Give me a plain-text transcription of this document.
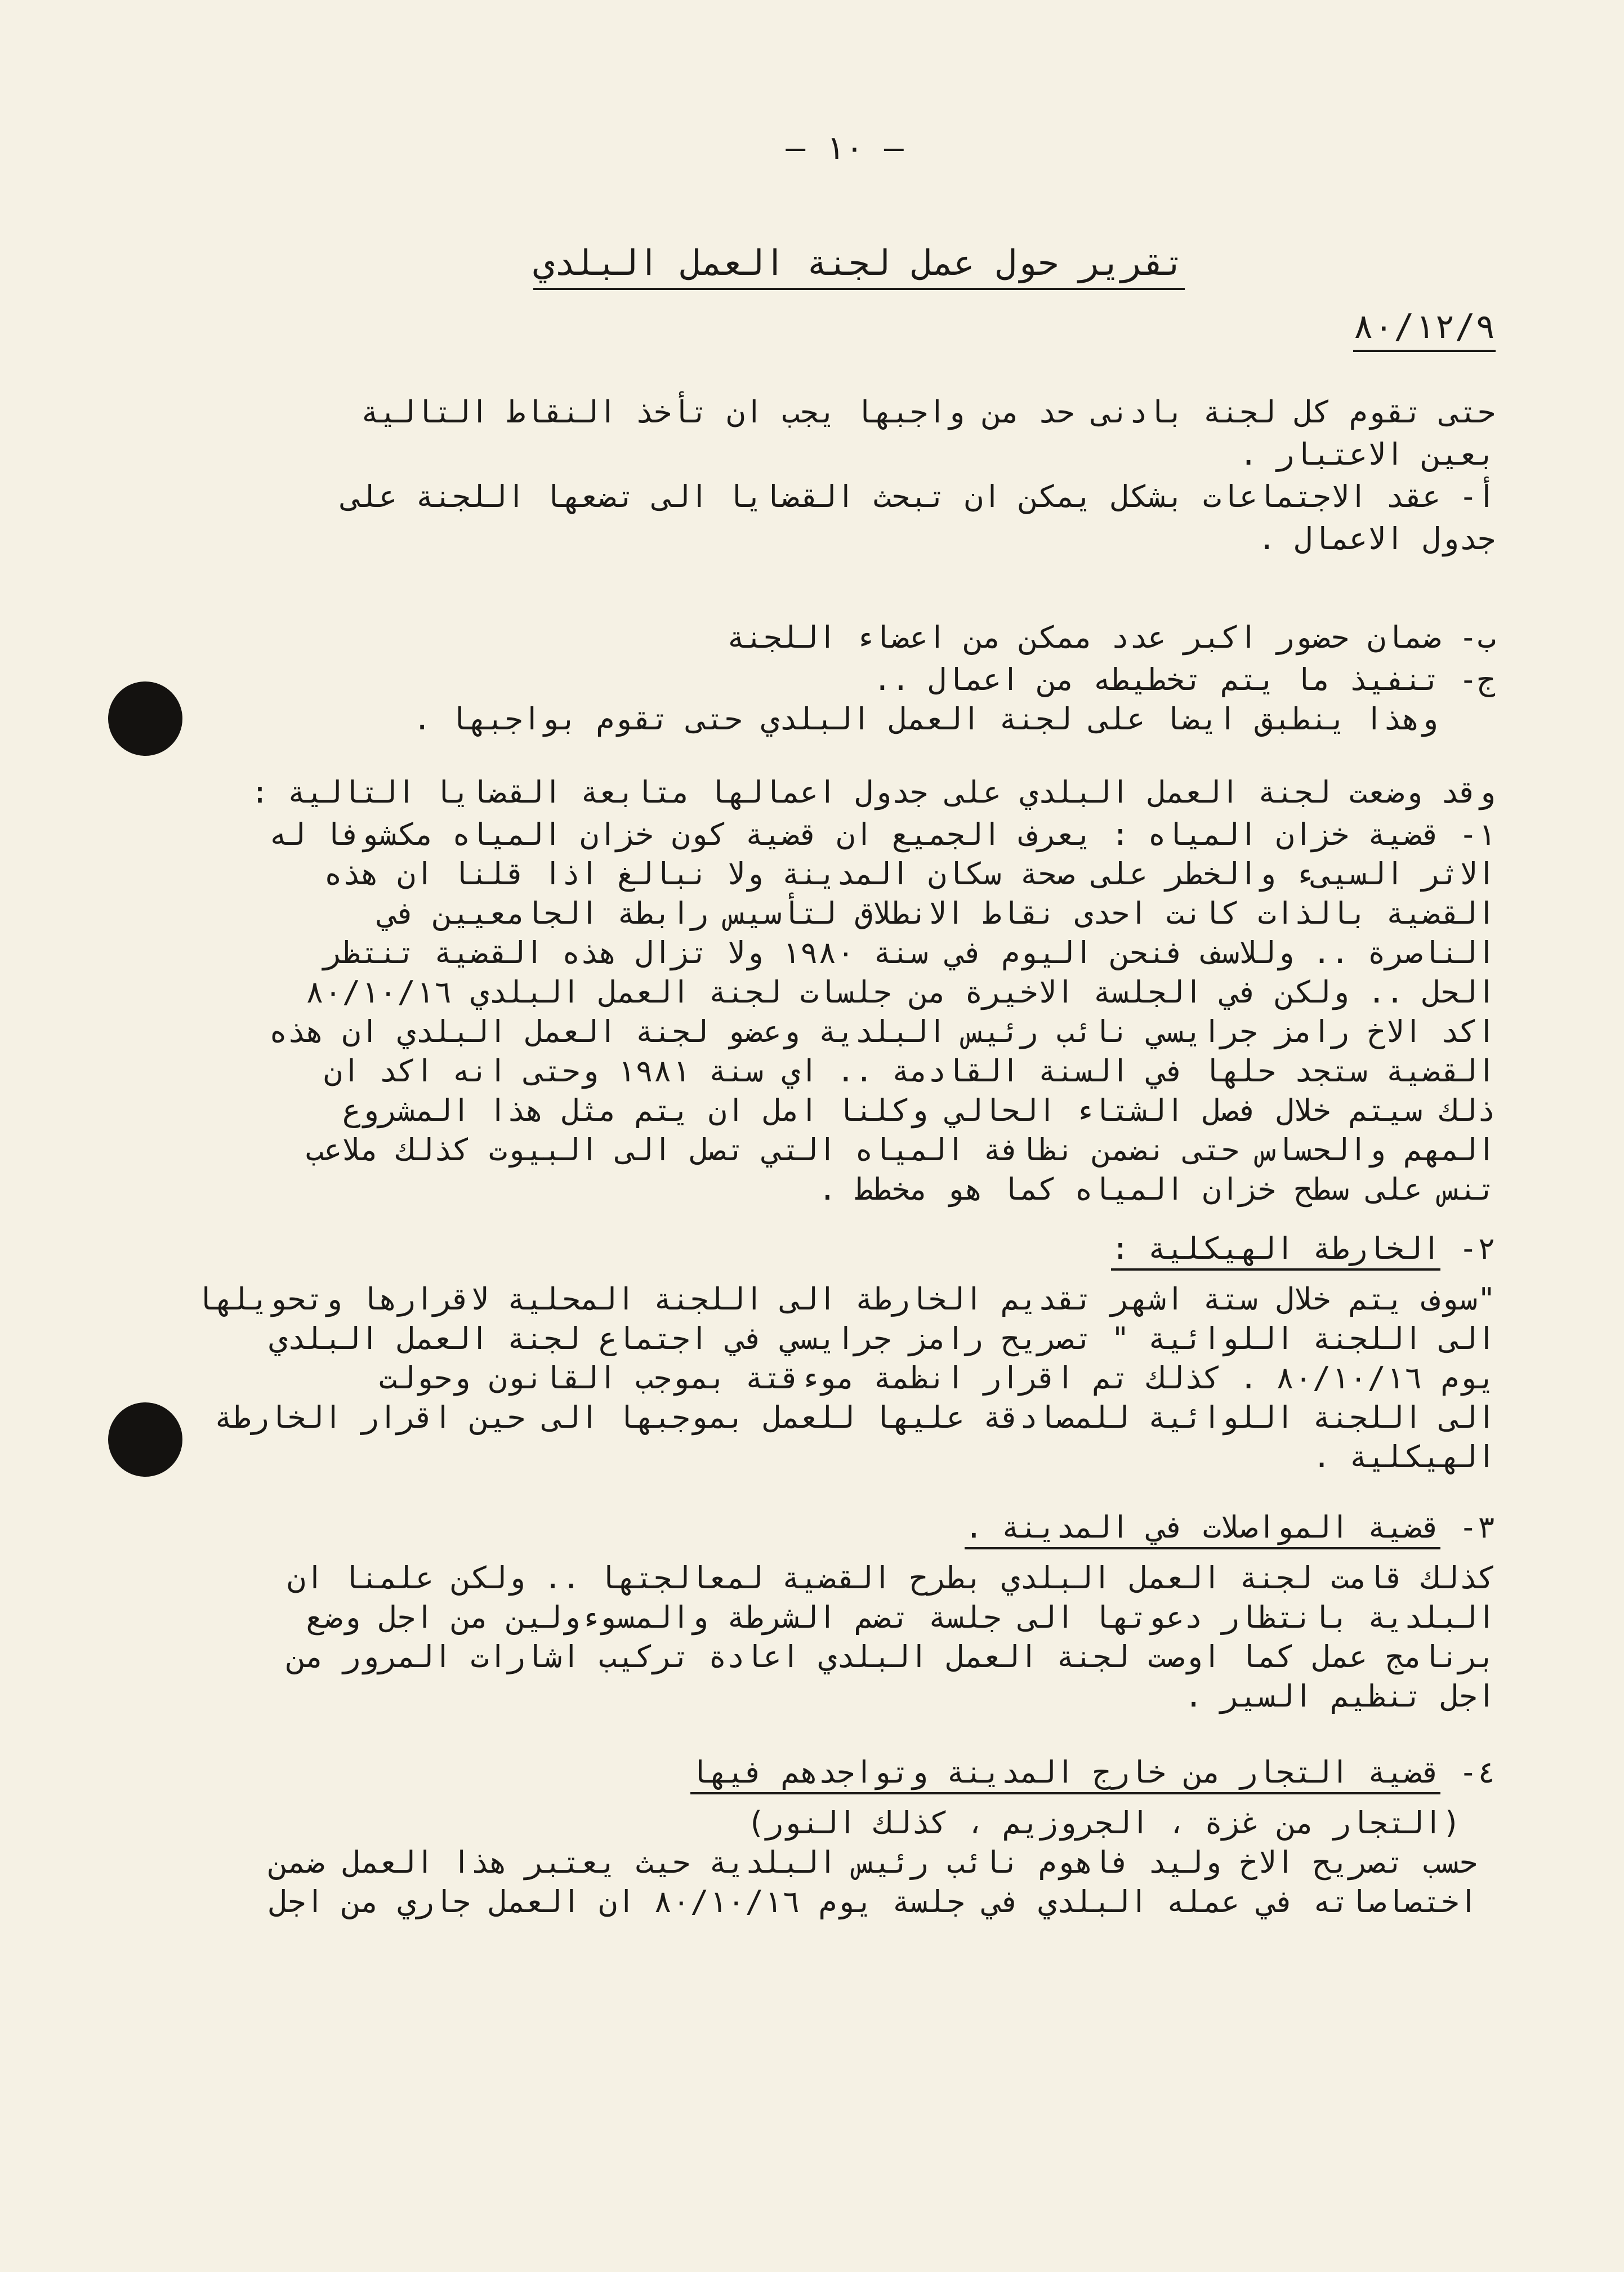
– ١٠ –
تقرير حول عمل لجنة العمل البلدي
٨٠/١٢/٩
حتى تقوم كل لجنة بادنى حد من واجبها يجب ان تأخذ النقاط التالية
بعين الاعتبار .
أ- عقد الاجتماعات بشكل يمكن ان تبحث القضايا الى تضعها اللجنة على
جدول الاعمال .
ب- ضمان حضور اكبر عدد ممكن من اعضاء اللجنة
ج- تنفيذ ما يتم تخطيطه من اعمال ..
وهذا ينطبق ايضا على لجنة العمل البلدي حتى تقوم بواجبها .
وقد وضعت لجنة العمل البلدي على جدول اعمالها متابعة القضايا التالية :
١- قضية خزان المياه : يعرف الجميع ان قضية كون خزان المياه مكشوفا له
الاثر السيىء والخطر على صحة سكان المدينة ولا نبالغ اذا قلنا ان هذه
القضية بالذات كانت احدى نقاط الانطلاق لتأسيس رابطة الجامعيين في
الناصرة .. وللاسف فنحن اليوم في سنة ١٩٨٠ ولا تزال هذه القضية تنتظر
الحل .. ولكن في الجلسة الاخيرة من جلسات لجنة العمل البلدي ٨٠/١٠/١٦
اكد الاخ رامز جرايسي نائب رئيس البلدية وعضو لجنة العمل البلدي ان هذه
القضية ستجد حلها في السنة القادمة .. اي سنة ١٩٨١ وحتى انه اكد ان
ذلك سيتم خلال فصل الشتاء الحالي وكلنا امل ان يتم مثل هذا المشروع
المهم والحساس حتى نضمن نظافة المياه التي تصل الى البيوت كذلك ملاعب
تنس على سطح خزان المياه كما هو مخطط .
٢- الخارطة الهيكلية :
"سوف يتم خلال ستة اشهر تقديم الخارطة الى اللجنة المحلية لاقرارها وتحويلها
الى اللجنة اللوائية " تصريح رامز جرايسي في اجتماع لجنة العمل البلدي
يوم ٨٠/١٠/١٦ . كذلك تم اقرار انظمة موءقتة بموجب القانون وحولت
الى اللجنة اللوائية للمصادقة عليها للعمل بموجبها الى حين اقرار الخارطة
الهيكلية .
٣- قضية المواصلات في المدينة .
كذلك قامت لجنة العمل البلدي بطرح القضية لمعالجتها .. ولكن علمنا ان
البلدية بانتظار دعوتها الى جلسة تضم الشرطة والمسوءولين من اجل وضع
برنامج عمل كما اوصت لجنة العمل البلدي اعادة تركيب اشارات المرور من
اجل تنظيم السير .
٤- قضية التجار من خارج المدينة وتواجدهم فيها
(التجار من غزة ، الجروزيم ، كذلك النور)
حسب تصريح الاخ وليد فاهوم نائب رئيس البلدية حيث يعتبر هذا العمل ضمن
اختصاصاته في عمله البلدي في جلسة يوم ٨٠/١٠/١٦ ان العمل جاري من اجل
